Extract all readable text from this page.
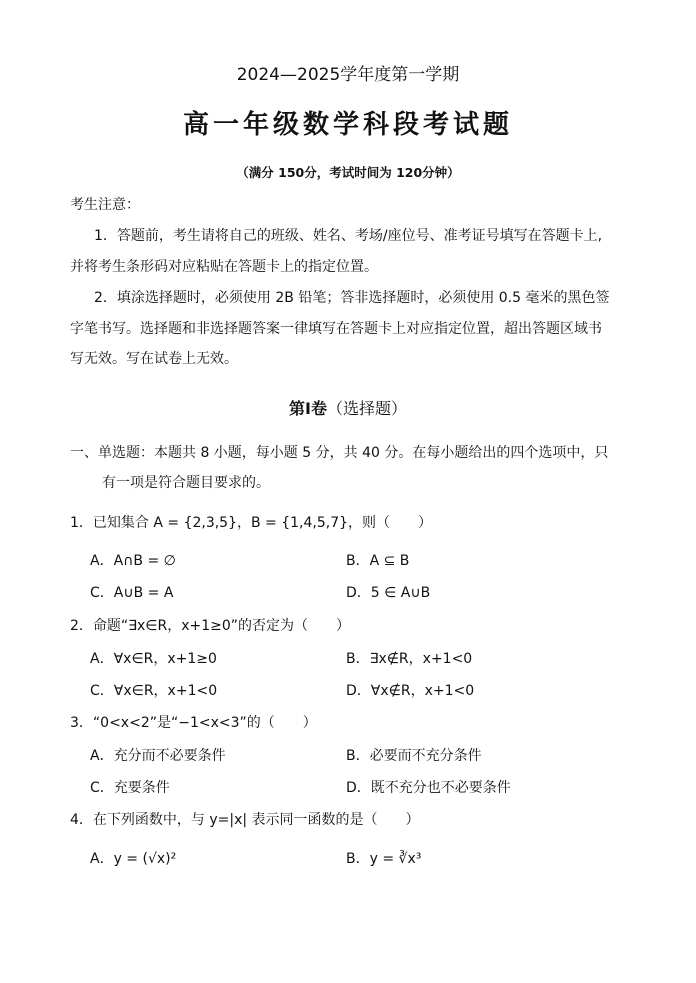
2024—2025学年度第一学期
高一年级数学科段考试题
（满分 150分，考试时间为 120分钟）
考生注意：
1．答题前，考生请将自己的班级、姓名、考场/座位号、准考证号填写在答题卡上,
并将考生条形码对应粘贴在答题卡上的指定位置。
2．填涂选择题时，必须使用 2B 铅笔；答非选择题时，必须使用 0.5 毫米的黑色签
字笔书写。选择题和非选择题答案一律填写在答题卡上对应指定位置，超出答题区域书
写无效。写在试卷上无效。
第Ⅰ卷（选择题）
一、单选题：本题共 8 小题，每小题 5 分，共 40 分。在每小题给出的四个选项中，只
有一项是符合题目要求的。
1．已知集合 A = {2,3,5}，B = {1,4,5,7}，则（　　）
A．A∩B = ∅	B．A ⊆ B
C．A∪B = A	D．5 ∈ A∪B
2．命题“∃x∈R，x+1≥0”的否定为（　　）
A．∀x∈R，x+1≥0	B．∃x∉R，x+1<0
C．∀x∈R，x+1<0	D．∀x∉R，x+1<0
3．“0<x<2”是“−1<x<3”的（　　）
A．充分而不必要条件	B．必要而不充分条件
C．充要条件	D．既不充分也不必要条件
4．在下列函数中，与 y=|x| 表示同一函数的是（　　）
A．y = (√x)²	B．y = ∛x³
